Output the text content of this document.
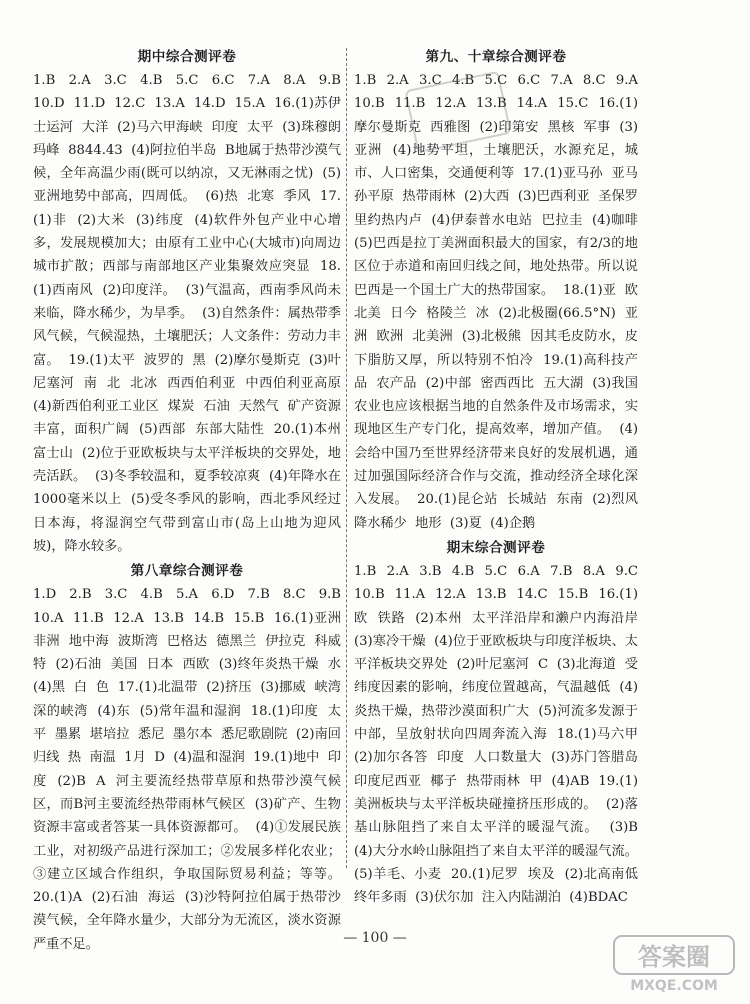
期中综合测评卷

1.B  2.A  3.C  4.B  5.C  6.C  7.A  8.A  9.B  10.D  11.D  12.C  13.A  14.D  15.A  16.(1)苏伊士运河  大洋  (2)马六甲海峡  印度  太平  (3)珠穆朗玛峰  8844.43  (4)阿拉伯半岛  B地属于热带沙漠气候，全年高温少雨(既可以纳凉，又无淋雨之忧)  (5)亚洲地势中部高，四周低。  (6)热  北寒  季风  17.(1)非  (2)大米  (3)纬度  (4)软件外包产业中心增多，发展规模加大；由原有工业中心(大城市)向周边城市扩散；西部与南部地区产业集聚效应突显  18.(1)西南风  (2)印度洋。  (3)气温高，西南季风尚未来临，降水稀少，为旱季。  (3)自然条件：属热带季风气候，气候湿热，土壤肥沃；人文条件：劳动力丰富。  19.(1)太平  波罗的  黑  (2)摩尔曼斯克  (3)叶尼塞河  南  北  北冰  西西伯利亚  中西伯利亚高原  (4)新西伯利亚工业区  煤炭  石油  天然气  矿产资源丰富，面积广阔  (5)西部  东部大陆性  20.(1)本州  富士山  (2)位于亚欧板块与太平洋板块的交界处，地壳活跃。  (3)冬季较温和，夏季较凉爽  (4)年降水在1000毫米以上  (5)受冬季风的影响，西北季风经过日本海，将湿润空气带到富山市(岛上山地为迎风坡)，降水较多。

第八章综合测评卷

1.D  2.B  3.C  4.B  5.A  6.D  7.B  8.C  9.B  10.A  11.B  12.A  13.B  14.B  15.B  16.(1)亚洲  非洲  地中海  波斯湾  巴格达  德黑兰  伊拉克  科威特  (2)石油  美国  日本  西欧  (3)终年炎热干燥  水  (4)黑  白  色  17.(1)北温带  (2)挤压  (3)挪威  峡湾  深的峡湾  (4)东  (5)常年温和湿润  18.(1)印度  太平  墨累  堪培拉  悉尼  墨尔本  悉尼歌剧院  (2)南回归线  热  南温  1月  D  (4)温和湿润  19.(1)地中  印度  (2)B  A  河主要流经热带草原和热带沙漠气候区，而B河主要流经热带雨林气候区  (3)矿产、生物资源丰富或者答某一具体资源都可。  (4)①发展民族工业，对初级产品进行深加工；②发展多样化农业；③建立区域合作组织，争取国际贸易利益；等等。  20.(1)A  (2)石油  海运  (3)沙特阿拉伯属于热带沙漠气候，全年降水量少，大部分为无流区，淡水资源严重不足。

第九、十章综合测评卷

1.B  2.A  3.C  4.B  5.C  6.C  7.A  8.C  9.A  10.B  11.B  12.A  13.B  14.A  15.C  16.(1)摩尔曼斯克  西雅图  (2)印第安  黑核  军事  (3)亚洲  (4)地势平坦，土壤肥沃，水源充足，城市、人口密集，交通便利等  17.(1)亚马孙  亚马孙平原  热带雨林  (2)大西  (3)巴西利亚  圣保罗  里约热内卢  (4)伊泰普水电站  巴拉圭  (4)咖啡  (5)巴西是拉丁美洲面积最大的国家，有2/3的地区位于赤道和南回归线之间，地处热带。所以说巴西是一个国土广大的热带国家。  18.(1)亚  欧  北美  日今  格陵兰  冰  (2)北极圈(66.5°N)  亚洲  欧洲  北美洲  (3)北极熊  因其毛皮防水，皮下脂肪又厚，所以特别不怕冷  19.(1)高科技产品  农产品  (2)中部  密西西比  五大湖  (3)我国农业也应该根据当地的自然条件及市场需求，实现地区生产专门化，提高效率，增加产值。  (4)会给中国乃至世界经济带来良好的发展机遇，通过加强国际经济合作与交流，推动经济全球化深入发展。  20.(1)昆仑站  长城站  东南  (2)烈风  降水稀少  地形  (3)夏  (4)企鹅

期末综合测评卷

1.B  2.A  3.B  4.B  5.C  6.A  7.B  8.A  9.C  10.B  11.A  12.A  13.B  14.C  15.B  16.(1)欧  铁路  (2)本州  太平洋沿岸和濑户内海沿岸  (3)寒冷干燥  (4)位于亚欧板块与印度洋板块、太平洋板块交界处  (2)叶尼塞河  C  (3)北海道  受纬度因素的影响，纬度位置越高，气温越低  (4)炎热干燥，热带沙漠面积广大  (5)河流多发源于中部，呈放射状向四周奔流入海  18.(1)马六甲  (2)加尔各答  印度  人口数量大  (3)苏门答腊岛  印度尼西亚  椰子  热带雨林  甲  (4)AB  19.(1)美洲板块与太平洋板块碰撞挤压形成的。  (2)落基山脉阻挡了来自太平洋的暖湿气流。  (3)B  (4)大分水岭山脉阻挡了来自太平洋的暖湿气流。  (5)羊毛、小麦  20.(1)尼罗  埃及  (2)北高南低  终年多雨  (3)伏尔加  注入内陆湖泊  (4)BDAC

— 100 —
答案圈
MXQE.COM
